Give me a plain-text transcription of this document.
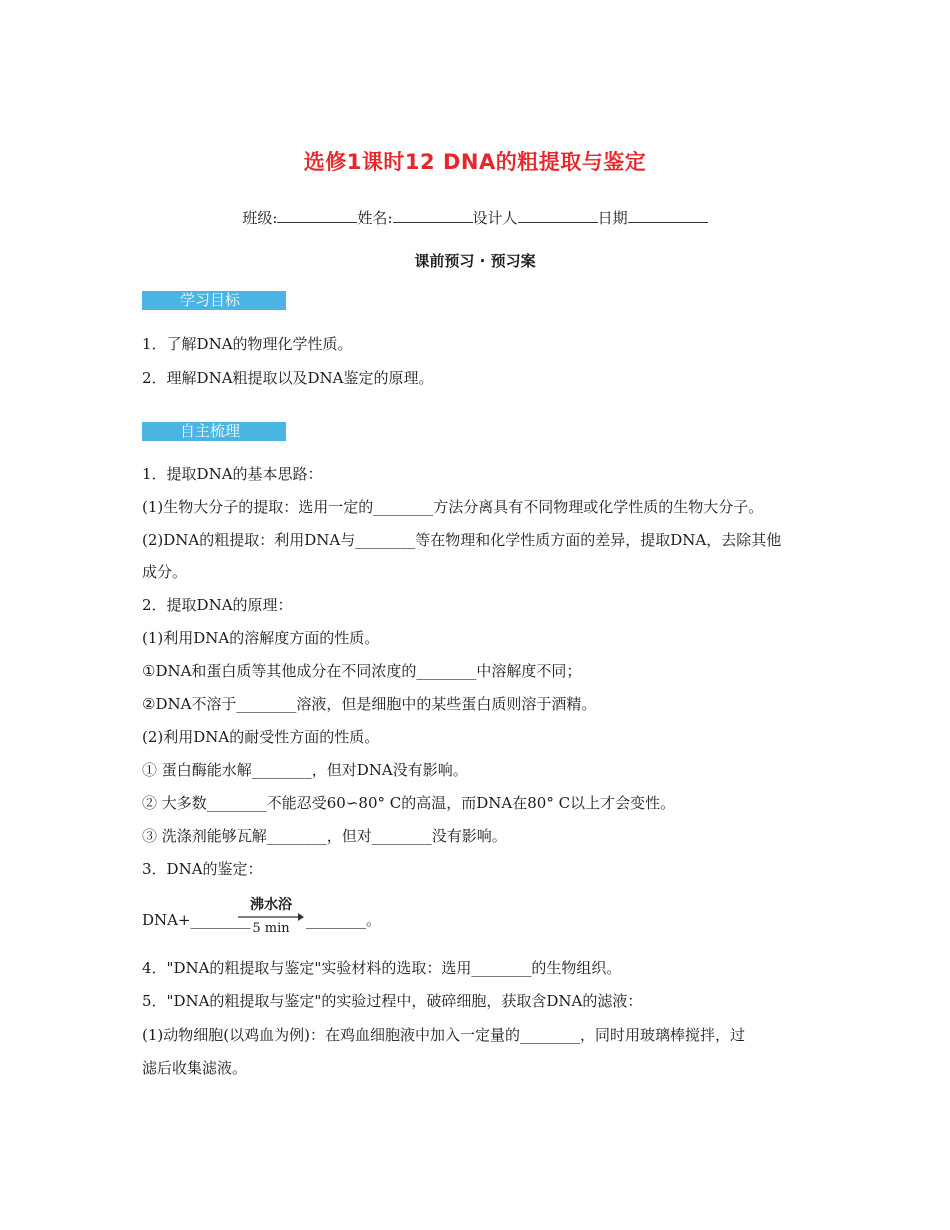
选修1课时12 DNA的粗提取与鉴定
班级:	姓名:	设计人	日期
课前预习 · 预习案
学习目标
1．了解DNA的物理化学性质。
2．理解DNA粗提取以及DNA鉴定的原理。
自主梳理
1．提取DNA的基本思路：
(1)生物大分子的提取：选用一定的________方法分离具有不同物理或化学性质的生物大分子。
(2)DNA的粗提取：利用DNA与________等在物理和化学性质方面的差异，提取DNA，去除其他
成分。
2．提取DNA的原理：
(1)利用DNA的溶解度方面的性质。
①DNA和蛋白质等其他成分在不同浓度的________中溶解度不同；
②DNA不溶于________溶液，但是细胞中的某些蛋白质则溶于酒精。
(2)利用DNA的耐受性方面的性质。
① 蛋白酶能水解________，但对DNA没有影响。
② 大多数________不能忍受60∽80° C的高温，而DNA在80° C以上才会变性。
③ 洗涤剂能够瓦解________，但对________没有影响。
3．DNA的鉴定：
DNA+________
沸水浴
5 min	________。
4．"DNA的粗提取与鉴定"实验材料的选取：选用________的生物组织。
5．"DNA的粗提取与鉴定"的实验过程中，破碎细胞，获取含DNA的滤液：
(1)动物细胞(以鸡血为例)：在鸡血细胞液中加入一定量的________，同时用玻璃棒搅拌，过
滤后收集滤液。
